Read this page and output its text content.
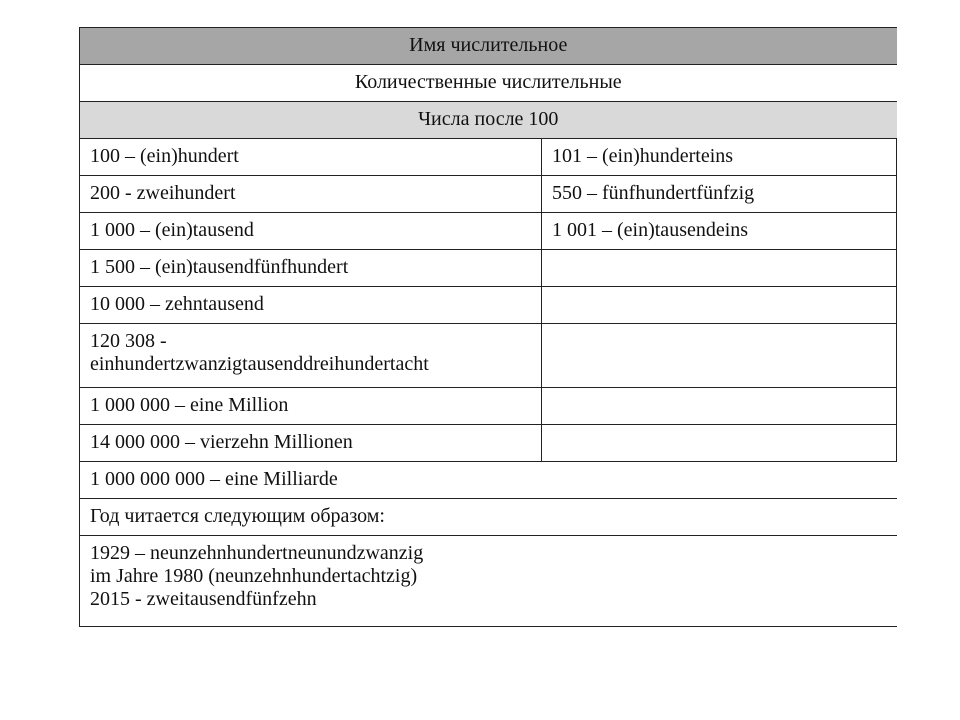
Имя числительное	
Количественные числительные	
Числа после 100	
100 – (ein)hundert	101 – (ein)hunderteins
200 - zweihundert	550 – fünfhundertfünfzig
1 000 – (ein)tausend	1 001 – (ein)tausendeins
1 500 – (ein)tausendfünfhundert	
10 000 – zehntausend	

120 308 -
einhundertzwanzigtausenddreihundertacht	

1 000 000 – eine Million	
14 000 000 – vierzehn Millionen	
1 000 000 000 – eine Milliarde	
Год читается следующим образом:	

1929 – neunzehnhundertneunundzwanzig
im Jahre 1980 (neunzehnhundertachtzig)
2015 - zweitausendfünfzehn	
